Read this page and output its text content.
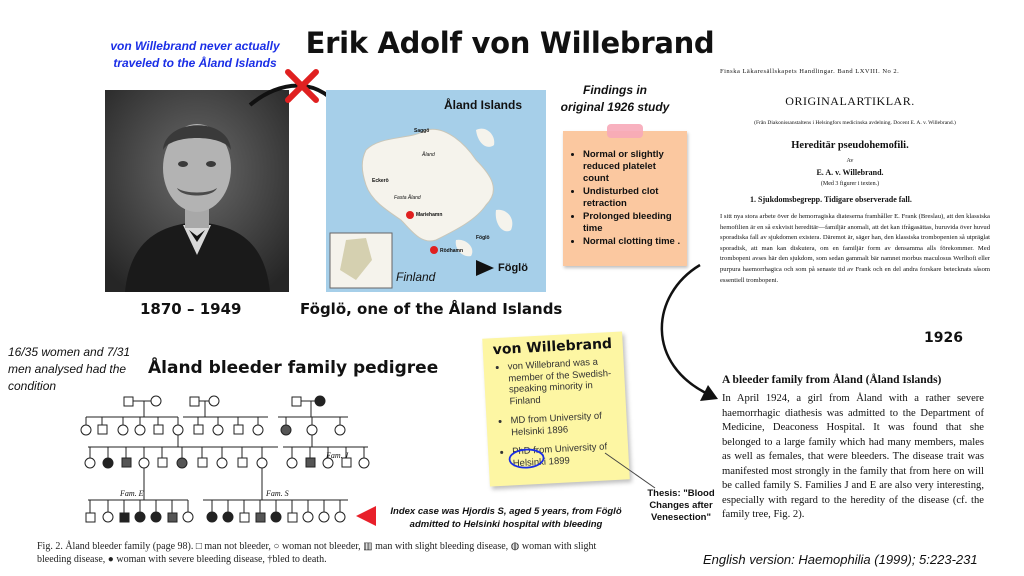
Erik Adolf von Willebrand
von Willebrand never actually traveled to the Åland Islands
1870 – 1949
Åland Islands
Saggö
Åland
Eckerö
Fasta Åland
Mariehamn
Rödhamn
Föglö
Finland
Föglö
Föglö, one of the Åland Islands
Findings in original 1926 study
• Normal or slightly reduced platelet count
• Undisturbed clot retraction
• Prolonged bleeding time
• Normal clotting time .
Finska Läkaresällskapets Handlingar. Band LXVIII. No 2.
ORIGINALARTIKLAR.
(Från Diakonissanstaltens i Helsingfors medicinska avdelning. Docent E. A. v. Willebrand.)
Hereditär pseudohemofili.
Av
E. A. v. Willebrand.
(Med 3 figurer i texten.)
1. Sjukdomsbegrepp. Tidigare observerade fall.
I sitt nya stora arbete över de hemorragiska diateserna framhåller E. Frank (Breslau), att den klassiska hemofilien är en så exkvisit hereditär—familjär anomali, att det kan ifrågasättas, huruvida över huvud sporadiska fall av sjukdomen existera. Däremot är, säger han, den klassiska trombopenien så utpräglat sporadisk, att man kan diskutera, om en familjär form av densamma alls förekommer. Med trombopeni avses här den sjukdom, som sedan gammalt bär namnet morbus maculosus Werlhofi eller purpura haemorrhagica och som på senaste tid av Frank och en del andra forskare betecknats såsom essentiell trombopeni.
1926
A bleeder family from Åland (Åland Islands)
In April 1924, a girl from Åland with a rather severe haemorrhagic diathesis was admitted to the Department of Medicine, Deaconess Hospital. It was found that she belonged to a large family which had many members, males as well as females, that were bleeders. The disease trait was manifested most strongly in the family that from here on will be called family S. Families J and E are also very interesting, especially with regard to the heredity of the disease (cf. the family tree, Fig. 2).
16/35 women and 7/31 men analysed had the condition
Åland bleeder family pedigree
Fam. J
Fam. E	Fam. S
Fig. 2. Åland bleeder family (page 98). □ man not bleeder, ○ woman not bleeder, ▥ man with slight bleeding disease, ◍ woman with slight bleeding disease, ● woman with severe bleeding disease, †bled to death.
Index case was Hjordis S, aged 5 years, from Föglö admitted to Helsinki hospital with bleeding
von Willebrand
• von Willebrand was a member of the Swedish-speaking minority in Finland
• MD from University of Helsinki 1896
• PhD from University of Helsinki 1899
Thesis: "Blood Changes after Venesection"
English version: Haemophilia (1999); 5:223-231
